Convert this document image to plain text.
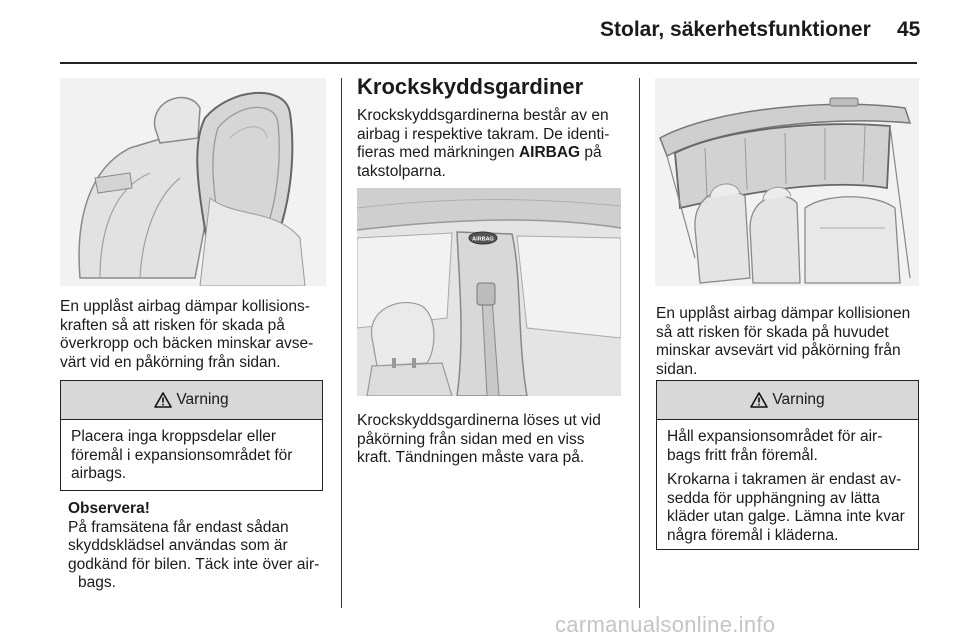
Stolar, säkerhetsfunktioner 45
En upplåst airbag dämpar kollisions-
kraften så att risken för skada på
överkropp och bäcken minskar avse-
värt vid en påkörning från sidan.
Varning
Placera inga kroppsdelar eller
föremål i expansionsområdet för
airbags.
Observera!
På framsätena får endast sådan
skyddsklädsel användas som är
godkänd för bilen. Täck inte över air-
bags.
Krockskyddsgardiner
Krockskyddsgardinerna består av en
airbag i respektive takram. De identi-
fieras med märkningen AIRBAG på
takstolparna.
AIRBAG
Krockskyddsgardinerna löses ut vid
påkörning från sidan med en viss
kraft. Tändningen måste vara på.
En upplåst airbag dämpar kollisionen
så att risken för skada på huvudet
minskar avsevärt vid påkörning från
sidan.
Varning

Håll expansionsområdet för air-
bags fritt från föremål.

Krokarna i takramen är endast av-
sedda för upphängning av lätta
kläder utan galge. Lämna inte kvar
några föremål i kläderna.

carmanualsonline.info
